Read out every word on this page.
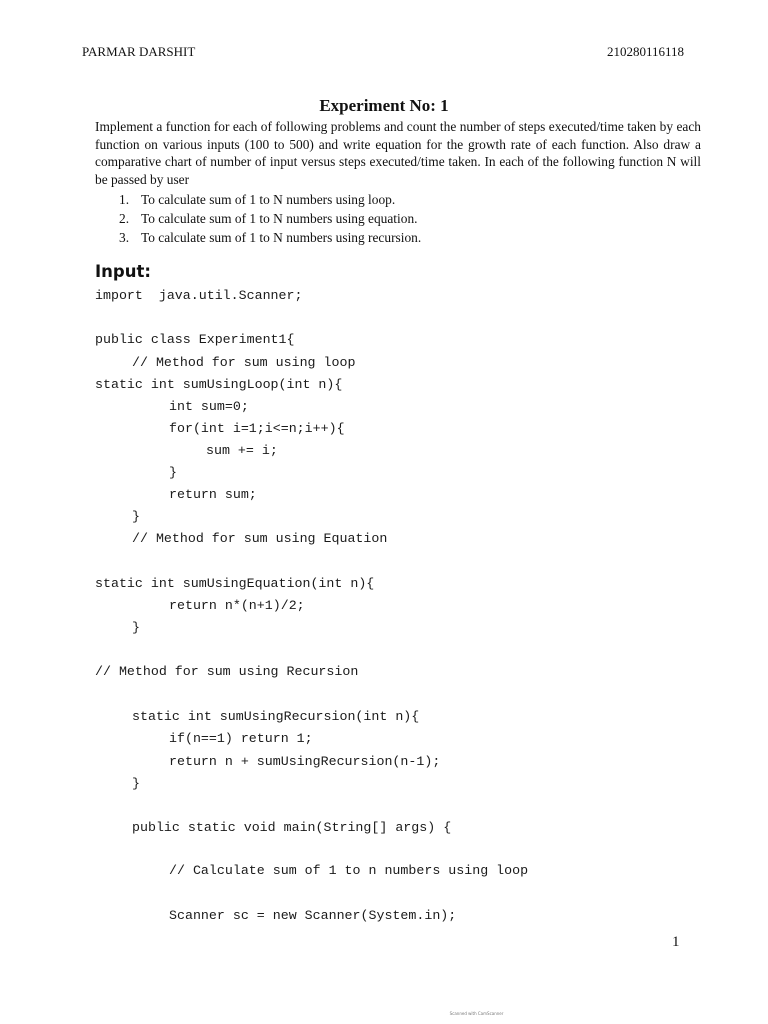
PARMAR DARSHIT	210280116118
Experiment No: 1
Implement a function for each of following problems and count the number of steps executed/time taken by each function on various inputs (100 to 500) and write equation for the growth rate of each function. Also draw a comparative chart of number of input versus steps executed/time taken. In each of the following function N will be passed by user
1. To calculate sum of 1 to N numbers using loop.
2. To calculate sum of 1 to N numbers using equation.
3. To calculate sum of 1 to N numbers using recursion.
Input:

import  java.util.Scanner;

public class Experiment1{

// Method for sum using loop

static int sumUsingLoop(int n){

int sum=0;

for(int i=1;i<=n;i++){

sum += i;

}

return sum;

}

// Method for sum using Equation

static int sumUsingEquation(int n){

return n*(n+1)/2;

}

// Method for sum using Recursion

static int sumUsingRecursion(int n){

if(n==1) return 1;

return n + sumUsingRecursion(n-1);

}

public static void main(String[] args) {

// Calculate sum of 1 to n numbers using loop

Scanner sc = new Scanner(System.in);

1
Scanned with CamScanner
